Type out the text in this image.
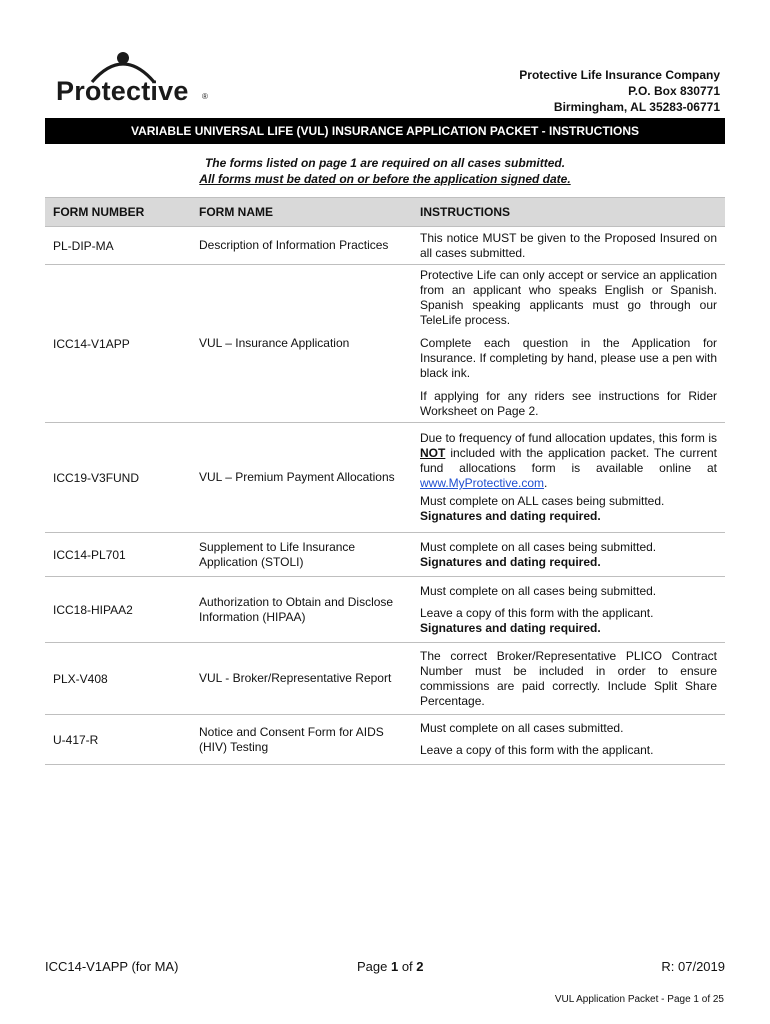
Protective ®
Protective Life Insurance Company
P.O. Box 830771
Birmingham, AL 35283-06771
VARIABLE UNIVERSAL LIFE (VUL) INSURANCE APPLICATION PACKET - INSTRUCTIONS
The forms listed on page 1 are required on all cases submitted.
All forms must be dated on or before the application signed date.
FORM NUMBER	FORM NAME	INSTRUCTIONS
PL-DIP-MA	Description of Information Practices	This notice MUST be given to the Proposed Insured on all cases submitted.

ICC14-V1APP	VUL – Insurance Application	Protective Life can only accept or service an application from an applicant who speaks English or Spanish. Spanish speaking applicants must go through our TeleLife process.
Complete each question in the Application for Insurance. If completing by hand, please use a pen with black ink.
If applying for any riders see instructions for Rider Worksheet on Page 2.

ICC19-V3FUND	VUL – Premium Payment Allocations	Due to frequency of fund allocation updates, this form is NOT included with the application packet. The current fund allocations form is available online at www.MyProtective.com.
Must complete on ALL cases being submitted.
Signatures and dating required.

ICC14-PL701	Supplement to Life Insurance Application (STOLI)	Must complete on all cases being submitted.
Signatures and dating required.

ICC18-HIPAA2	Authorization to Obtain and Disclose Information (HIPAA)	Must complete on all cases being submitted.
Leave a copy of this form with the applicant.
Signatures and dating required.

PLX-V408	VUL - Broker/Representative Report	The correct Broker/Representative PLICO Contract Number must be included in order to ensure commissions are paid correctly. Include Split Share Percentage.

U-417-R	Notice and Consent Form for AIDS (HIV) Testing	Must complete on all cases submitted.
Leave a copy of this form with the applicant.
ICC14-V1APP (for MA)	Page 1 of 2	R: 07/2019
VUL Application Packet - Page 1 of 25
